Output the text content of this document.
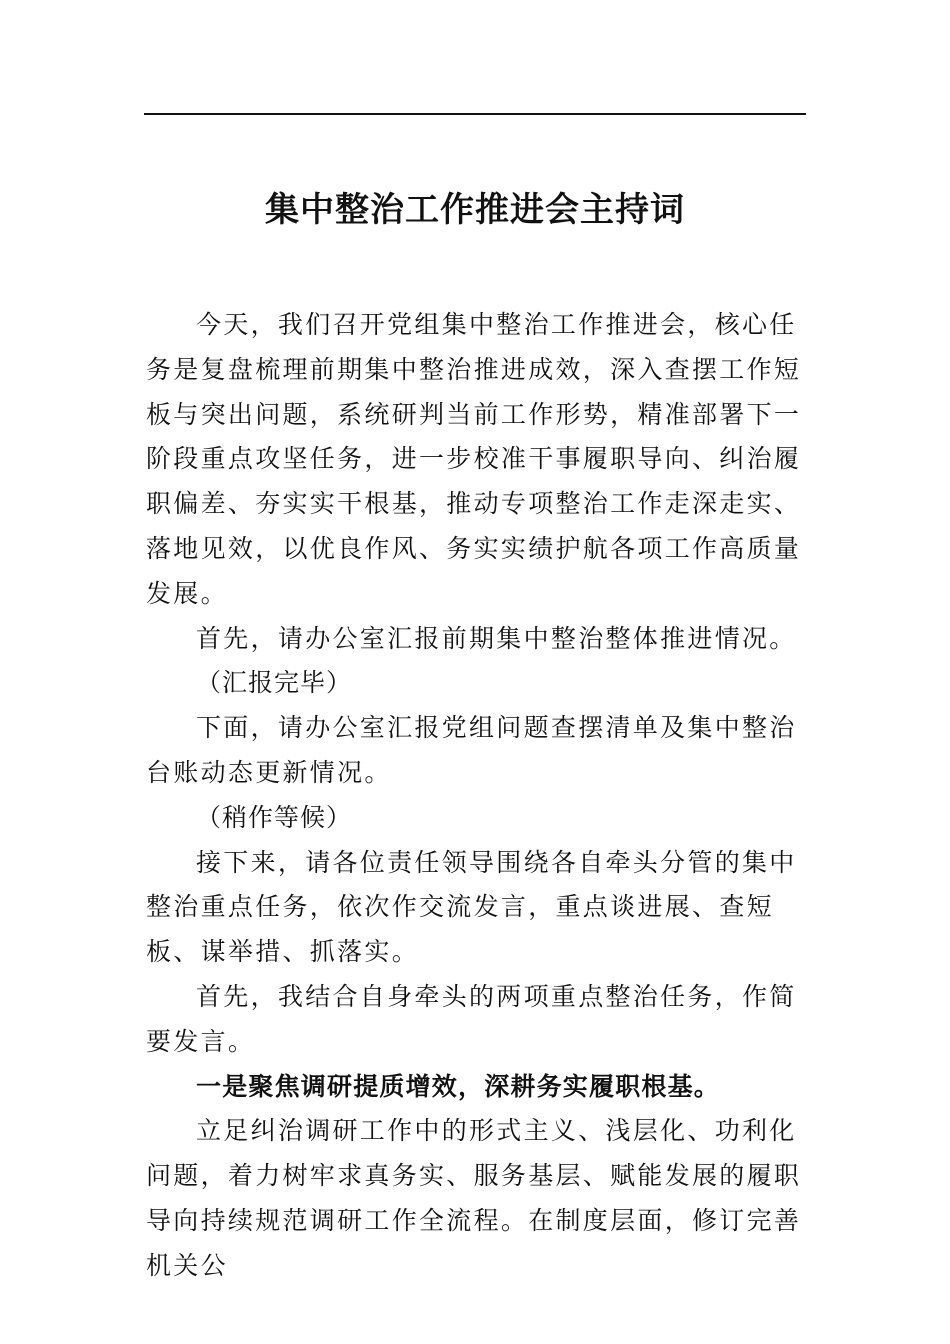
集中整治工作推进会主持词

今天，我们召开党组集中整治工作推进会，核心任务是复盘梳理前期集中整治推进成效，深入查摆工作短板与突出问题，系统研判当前工作形势，精准部署下一阶段重点攻坚任务，进一步校准干事履职导向、纠治履职偏差、夯实实干根基，推动专项整治工作走深走实、落地见效，以优良作风、务实实绩护航各项工作高质量发展。

首先，请办公室汇报前期集中整治整体推进情况。

（汇报完毕）

下面，请办公室汇报党组问题查摆清单及集中整治台账动态更新情况。

（稍作等候）

接下来，请各位责任领导围绕各自牵头分管的集中整治重点任务，依次作交流发言，重点谈进展、查短板、谋举措、抓落实。

首先，我结合自身牵头的两项重点整治任务，作简要发言。

一是聚焦调研提质增效，深耕务实履职根基。

立足纠治调研工作中的形式主义、浅层化、功利化问题，着力树牢求真务实、服务基层、赋能发展的履职导向持续规范调研工作全流程。在制度层面，修订完善机关公
